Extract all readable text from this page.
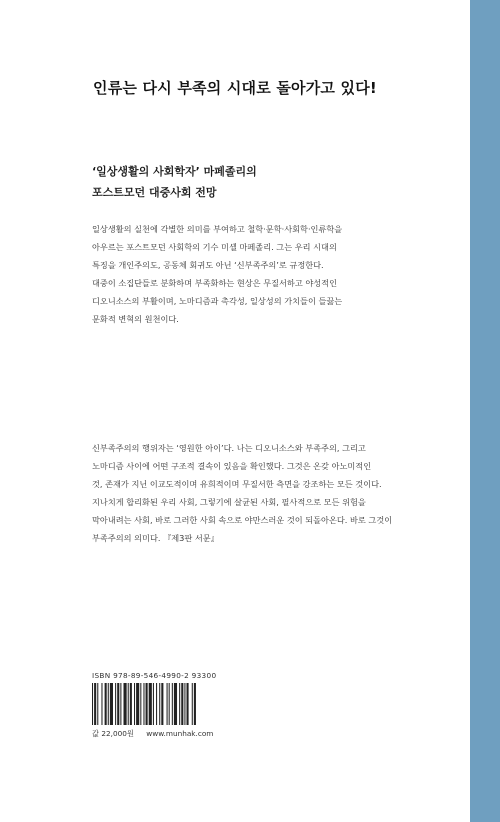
인류는 다시 부족의 시대로 돌아가고 있다!
‘일상생활의 사회학자’ 마페졸리의
포스트모던 대중사회 전망
일상생활의 실천에 각별한 의미를 부여하고 철학·문학·사회학·인류학을
아우르는 포스트모던 사회학의 기수 미셸 마페졸리. 그는 우리 시대의
특징을 개인주의도, 공동체 회귀도 아닌 ‘신부족주의’로 규정한다.
대중이 소집단들로 분화하며 부족화하는 현상은 무질서하고 야성적인
디오니소스의 부활이며, 노마디즘과 촉각성, 일상성의 가치들이 들끓는
문화적 변혁의 원천이다.
신부족주의의 행위자는 ‘영원한 아이’다. 나는 디오니소스와 부족주의, 그리고
노마디즘 사이에 어떤 구조적 결속이 있음을 확인했다. 그것은 온갖 아노미적인
것, 존재가 지닌 이교도적이며 유희적이며 무질서한 측면을 강조하는 모든 것이다.
지나치게 합리화된 우리 사회, 그렇기에 살균된 사회, 필사적으로 모든 위험을
막아내려는 사회, 바로 그러한 사회 속으로 야만스러운 것이 되돌아온다. 바로 그것이
부족주의의 의미다. 『제3판 서문』
ISBN 978-89-546-4990-2 93300
값 22,000원 www.munhak.com
